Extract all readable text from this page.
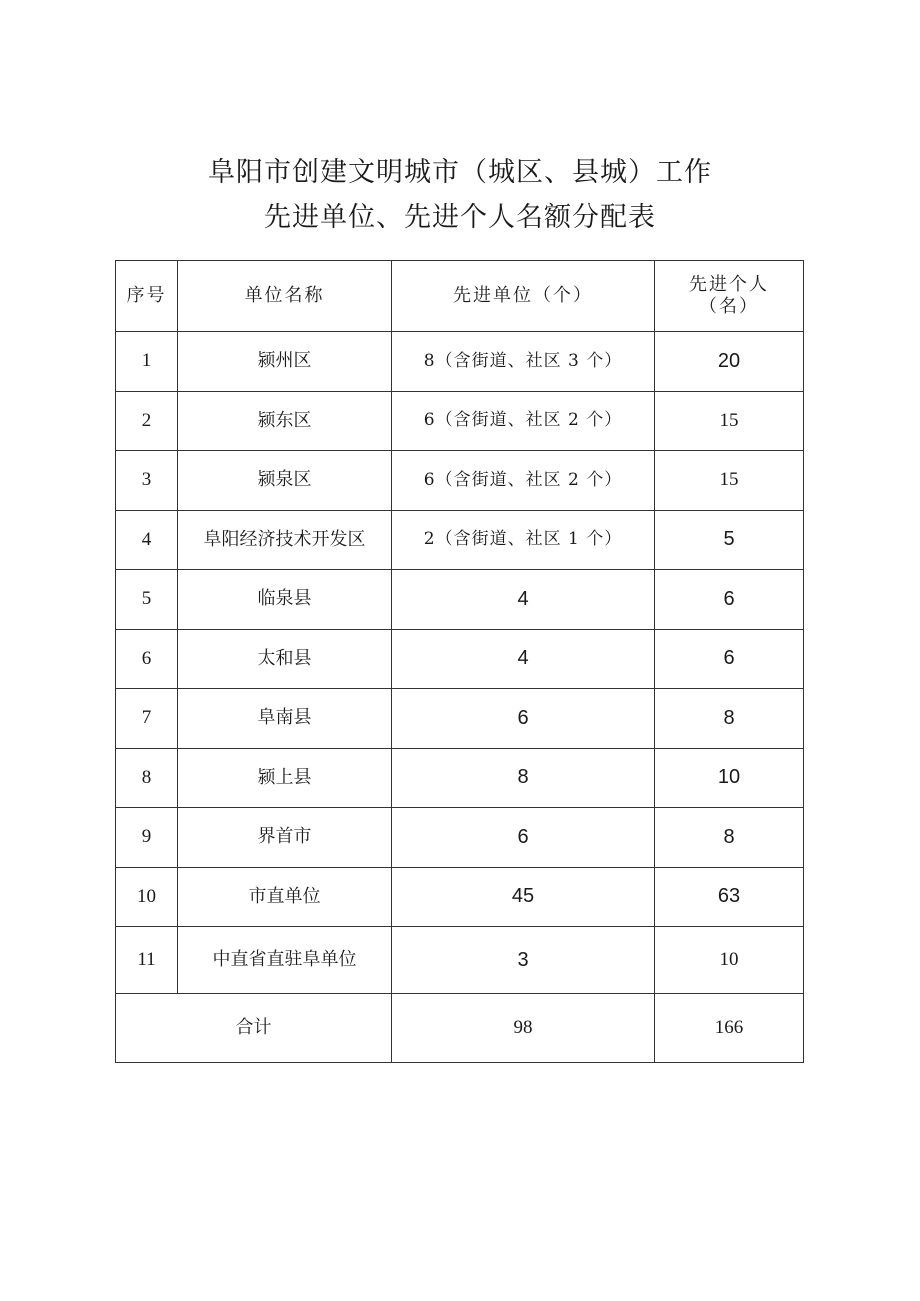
阜阳市创建文明城市（城区、县城）工作
先进单位、先进个人名额分配表
序号	单位名称	先进单位（个）	先进个人
（名）

1	颍州区	8（含街道、社区 3 个）	20
2	颍东区	6（含街道、社区 2 个）	15
3	颍泉区	6（含街道、社区 2 个）	15
4	阜阳经济技术开发区	2（含街道、社区 1 个）	5
5	临泉县	4	6
6	太和县	4	6
7	阜南县	6	8
8	颍上县	8	10
9	界首市	6	8
10	市直单位	45	63
11	中直省直驻阜单位	3	10
合计		98	166
